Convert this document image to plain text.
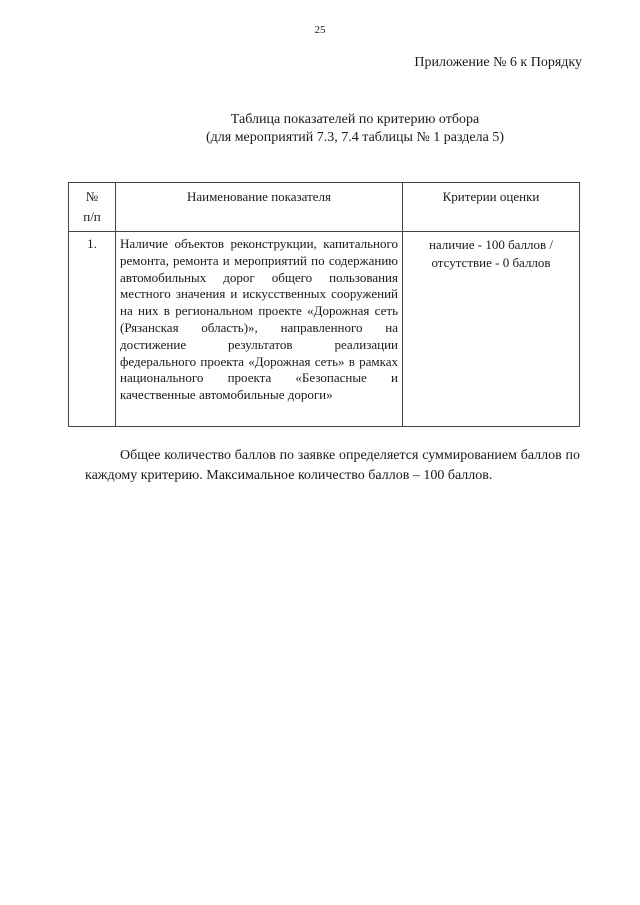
25
Приложение № 6 к Порядку
Таблица показателей по критерию отбора
(для мероприятий 7.3, 7.4 таблицы № 1 раздела 5)
№
п/п	Наименование показателя	Критерии оценки
1.	Наличие объектов реконструкции, капитального ремонта, ремонта и мероприятий по содержанию автомобильных дорог общего пользования местного значения и искусственных сооружений на них в региональном проекте «Дорожная сеть (Рязанская область)», направленного на достижение результатов реализации федерального проекта «Дорожная сеть» в рамках национального проекта «Безопасные и качественные автомобильные дороги»	наличие - 100 баллов /
отсутствие - 0 баллов

Общее количество баллов по заявке определяется суммированием баллов по каждому критерию. Максимальное количество баллов – 100 баллов.
